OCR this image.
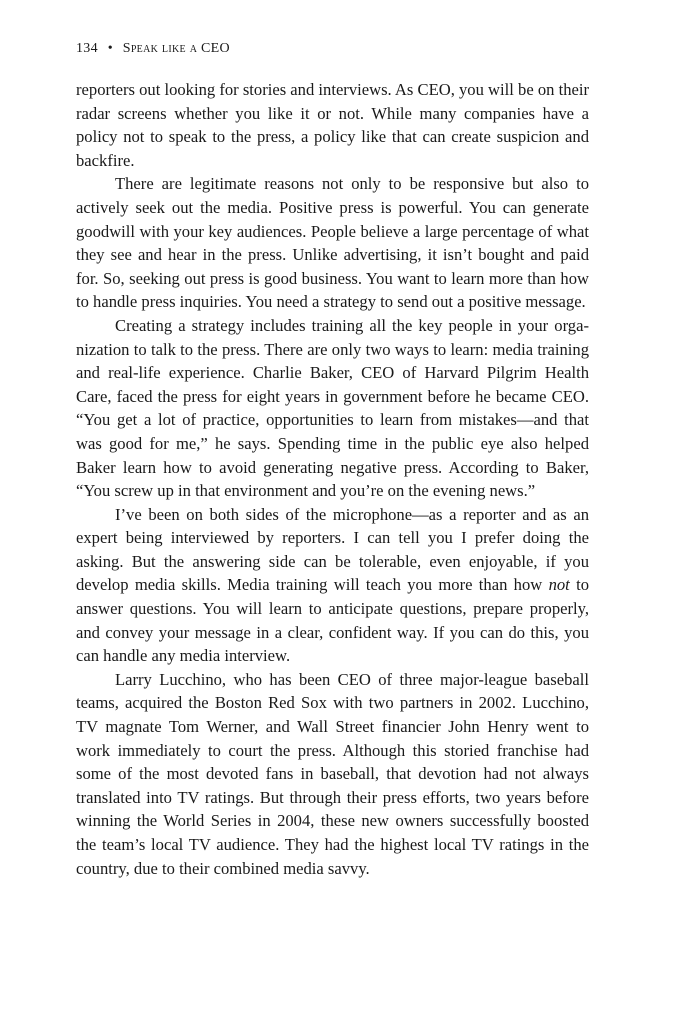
134 • Speak like a CEO

reporters out looking for stories and interviews. As CEO, you will be on their radar screens whether you like it or not. While many companies have a policy not to speak to the press, a policy like that can create suspicion and backfire.

There are legitimate reasons not only to be responsive but also to actively seek out the media. Positive press is powerful. You can generate goodwill with your key audiences. People believe a large percentage of what they see and hear in the press. Unlike advertising, it isn’t bought and paid for. So, seeking out press is good business. You want to learn more than how to handle press inquiries. You need a strategy to send out a positive message.

Creating a strategy includes training all the key people in your organization to talk to the press. There are only two ways to learn: media training and real-life experience. Charlie Baker, CEO of Harvard Pilgrim Health Care, faced the press for eight years in government before he became CEO. “You get a lot of practice, opportunities to learn from mistakes—and that was good for me,” he says. Spending time in the public eye also helped Baker learn how to avoid generating negative press. According to Baker, “You screw up in that environment and you’re on the evening news.”

I’ve been on both sides of the microphone—as a reporter and as an expert being interviewed by reporters. I can tell you I prefer doing the asking. But the answering side can be tolerable, even enjoyable, if you develop media skills. Media training will teach you more than how not to answer questions. You will learn to anticipate questions, prepare properly, and convey your message in a clear, confident way. If you can do this, you can handle any media interview.

Larry Lucchino, who has been CEO of three major-league baseball teams, acquired the Boston Red Sox with two partners in 2002. Lucchino, TV magnate Tom Werner, and Wall Street financier John Henry went to work immediately to court the press. Although this storied franchise had some of the most devoted fans in baseball, that devotion had not always translated into TV ratings. But through their press efforts, two years before winning the World Series in 2004, these new owners successfully boosted the team’s local TV audience. They had the highest local TV ratings in the country, due to their combined media savvy.
